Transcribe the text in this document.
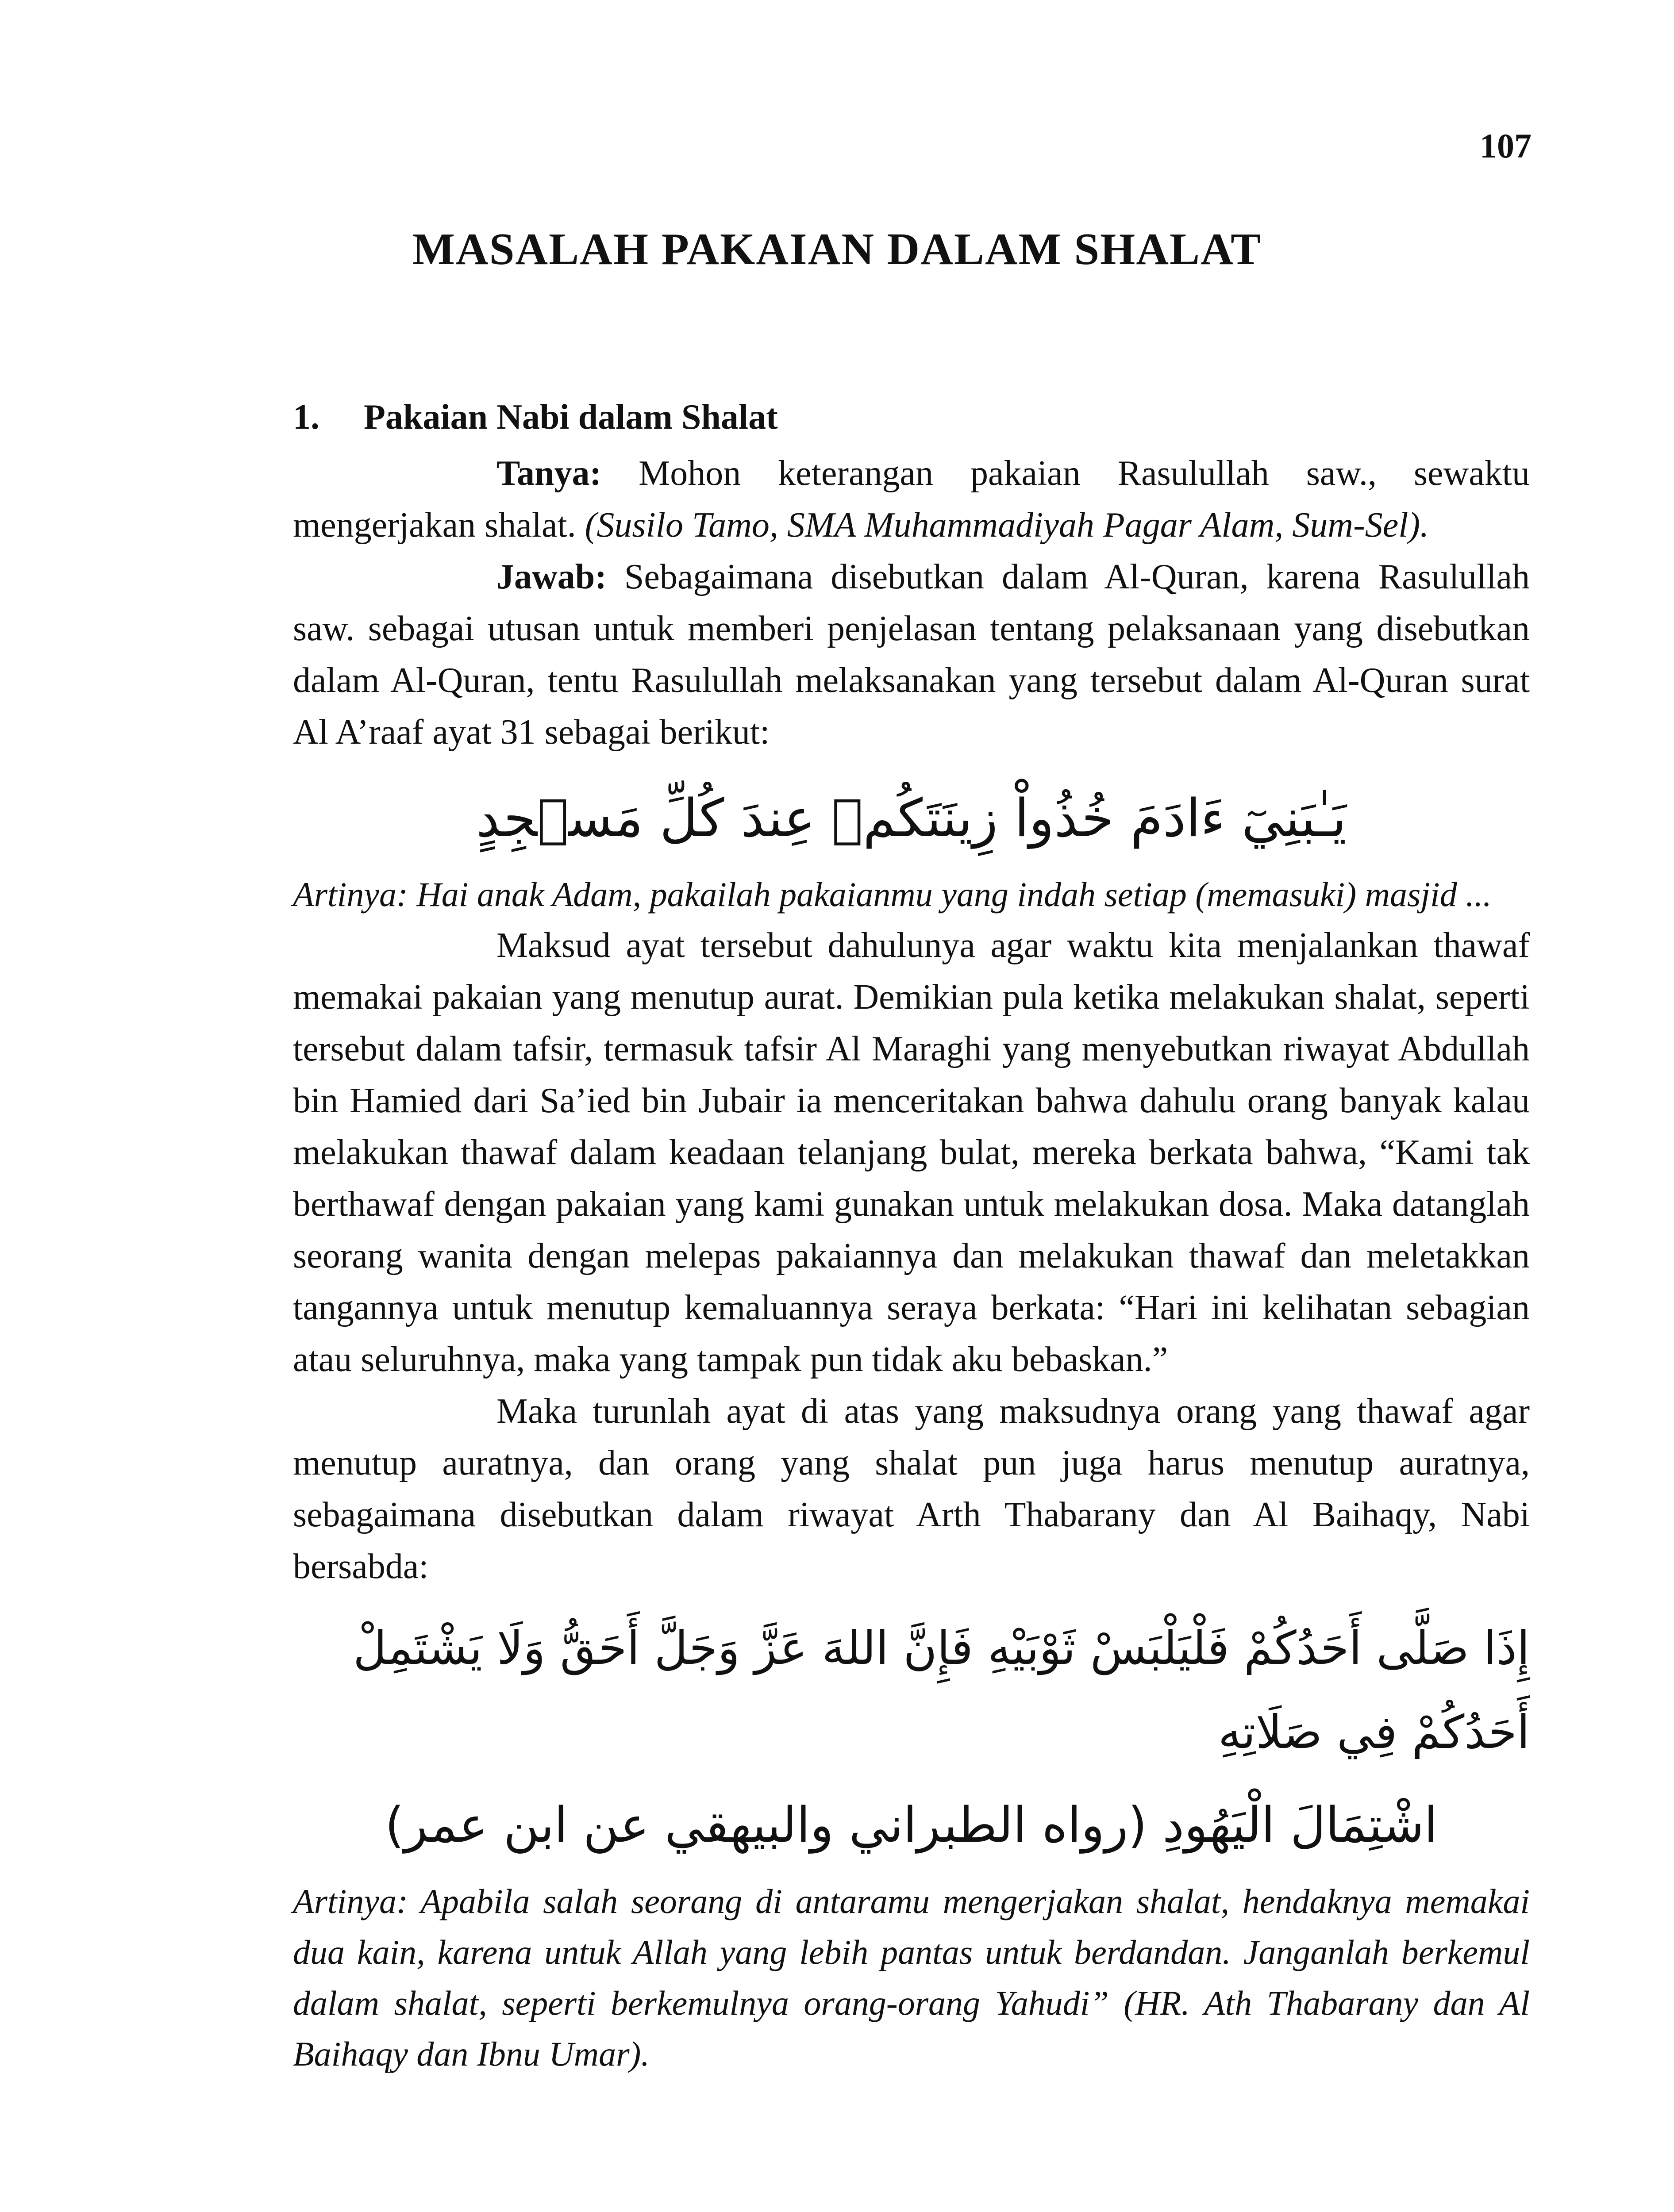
107
MASALAH PAKAIAN DALAM SHALAT
1.	Pakaian Nabi dalam Shalat

Tanya: Mohon keterangan pakaian Rasulullah saw., sewaktu mengerjakan shalat. (Susilo Tamo, SMA Muhammadiyah Pagar Alam, Sum-Sel).

Jawab: Sebagaimana disebutkan dalam Al-Quran, karena Rasulullah saw. sebagai utusan untuk memberi penjelasan tentang pelaksanaan yang disebutkan dalam Al-Quran, tentu Rasulullah melaksanakan yang tersebut dalam Al-Quran surat Al A’raaf ayat 31 sebagai berikut:

يَـٰبَنِيٓ ءَادَمَ خُذُواْ زِينَتَكُمۡ عِندَ كُلِّ مَسۡجِدٍ

Artinya: Hai anak Adam, pakailah pakaianmu yang indah setiap (memasuki) masjid ...

Maksud ayat tersebut dahulunya agar waktu kita menjalankan thawaf memakai pakaian yang menutup aurat. Demikian pula ketika melakukan shalat, seperti tersebut dalam tafsir, termasuk tafsir Al Maraghi yang menyebutkan riwayat Abdullah bin Hamied dari Sa’ied bin Jubair ia menceritakan bahwa dahulu orang banyak kalau melakukan thawaf dalam keadaan telanjang bulat, mereka berkata bahwa, “Kami tak berthawaf dengan pakaian yang kami gunakan untuk melakukan dosa. Maka datanglah seorang wanita dengan melepas pakaiannya dan melakukan thawaf dan meletakkan tangannya untuk menutup kemaluannya seraya berkata: “Hari ini kelihatan sebagian atau seluruhnya, maka yang tampak pun tidak aku bebaskan.”

Maka turunlah ayat di atas yang maksudnya orang yang thawaf agar menutup auratnya, dan orang yang shalat pun juga harus menutup auratnya, sebagaimana disebutkan dalam riwayat Arth Thabarany dan Al Baihaqy, Nabi bersabda:

إِذَا صَلَّى أَحَدُكُمْ فَلْيَلْبَسْ ثَوْبَيْهِ فَإِنَّ اللهَ عَزَّ وَجَلَّ أَحَقُّ وَلَا يَشْتَمِلْ أَحَدُكُمْ فِي صَلَاتِهِ
اشْتِمَالَ الْيَهُودِ (رواه الطبراني والبيهقي عن ابن عمر)

Artinya: Apabila salah seorang di antaramu mengerjakan shalat, hendaknya memakai dua kain, karena untuk Allah yang lebih pantas untuk berdandan. Janganlah berkemul dalam shalat, seperti berkemulnya orang-orang Yahudi” (HR. Ath Thabarany dan Al Baihaqy dan Ibnu Umar).
